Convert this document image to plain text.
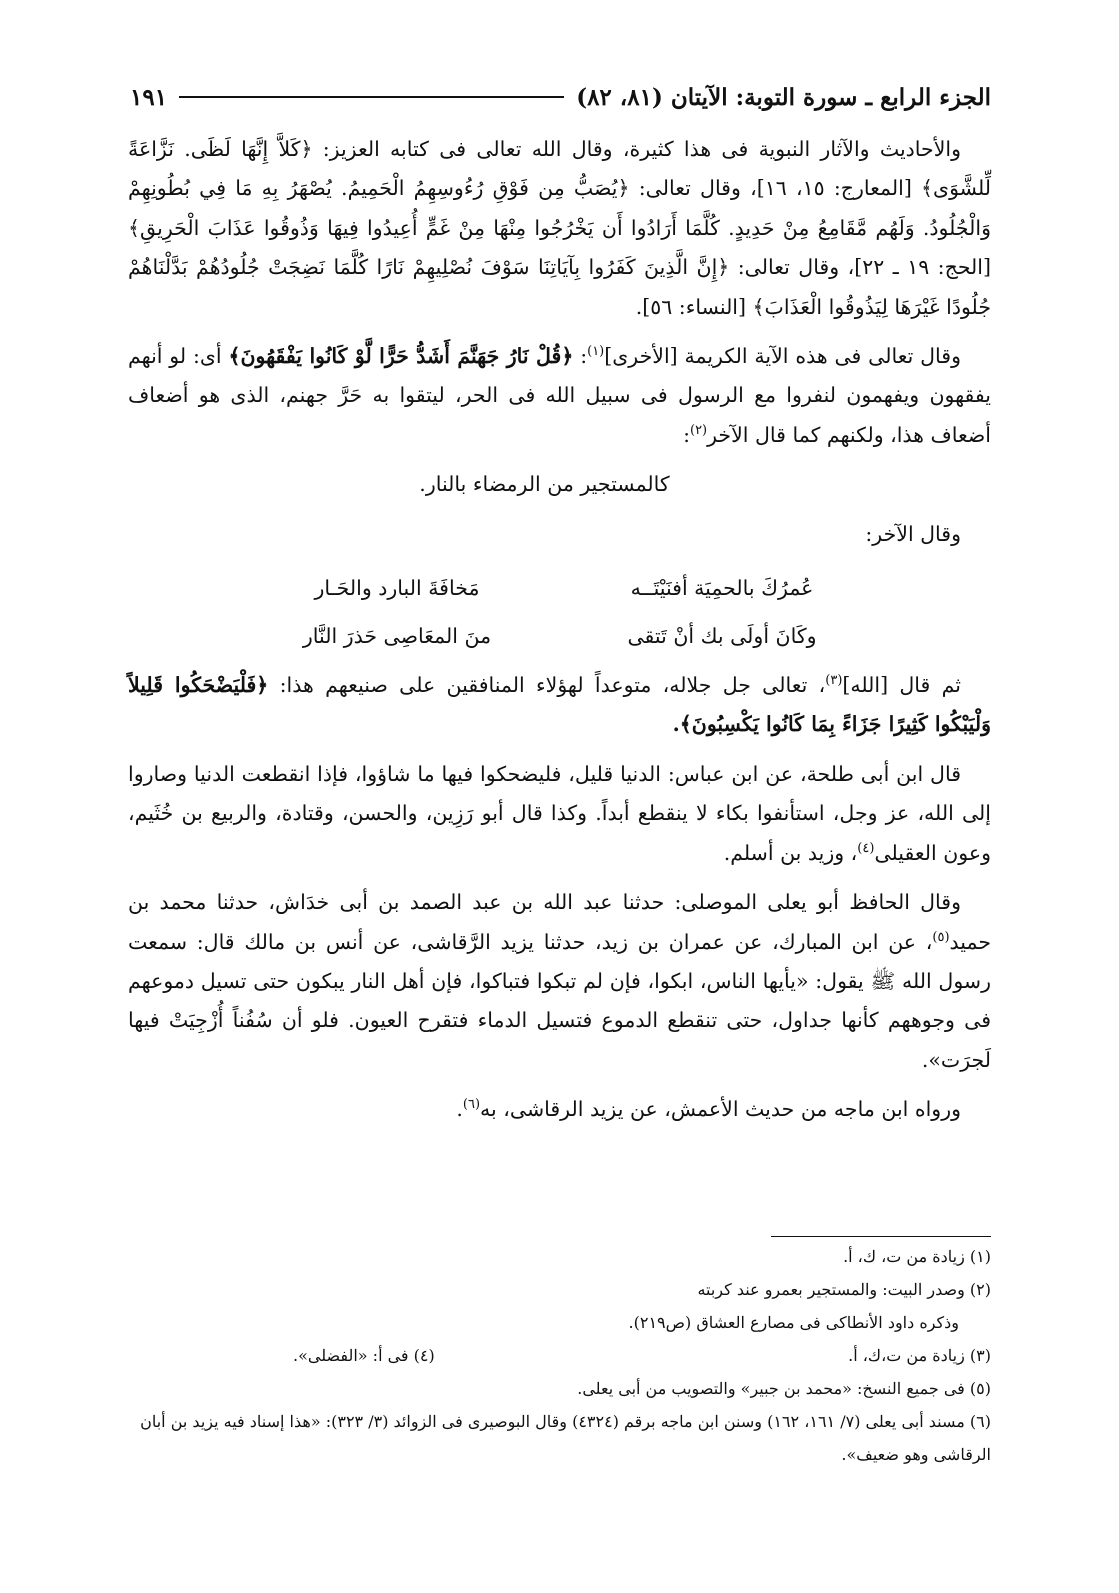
الجزء الرابع ـ سورة التوبة: الآيتان (٨١، ٨٢)
١٩١

والأحاديث والآثار النبوية فى هذا كثيرة، وقال الله تعالى فى كتابه العزيز: ﴿كَلاَّ إِنَّهَا لَظَى. نَزَّاعَةً لِّلشَّوَى﴾ [المعارج: ١٥، ١٦]، وقال تعالى: ﴿يُصَبُّ مِن فَوْقِ رُءُوسِهِمُ الْحَمِيمُ. يُصْهَرُ بِهِ مَا فِي بُطُونِهِمْ وَالْجُلُودُ. وَلَهُم مَّقَامِعُ مِنْ حَدِيدٍ. كُلَّمَا أَرَادُوا أَن يَخْرُجُوا مِنْهَا مِنْ غَمٍّ أُعِيدُوا فِيهَا وَذُوقُوا عَذَابَ الْحَرِيقِ﴾ [الحج: ١٩ ـ ٢٢]، وقال تعالى: ﴿إِنَّ الَّذِينَ كَفَرُوا بِآيَاتِنَا سَوْفَ نُصْلِيهِمْ نَارًا كُلَّمَا نَضِجَتْ جُلُودُهُمْ بَدَّلْنَاهُمْ جُلُودًا غَيْرَهَا لِيَذُوقُوا الْعَذَابَ﴾ [النساء: ٥٦].

وقال تعالى فى هذه الآية الكريمة [الأخرى]$^{(١)}$: ﴿قُلْ نَارُ جَهَنَّمَ أَشَدُّ حَرًّا لَّوْ كَانُوا يَفْقَهُونَ﴾ أى: لو أنهم يفقهون ويفهمون لنفروا مع الرسول فى سبيل الله فى الحر، ليتقوا به حَرَّ جهنم، الذى هو أضعاف أضعاف هذا، ولكنهم كما قال الآخر$^{(٢)}$:

كالمستجير من الرمضاء بالنار.

وقال الآخر:

عُمرُكَ بالحمِيَة أفنَيْتَــه
مَخافَةَ البارد والحَـار
وكَانَ أولَى بك أنْ تَتقى
منَ المعَاصِى حَذرَ النَّار

ثم قال [الله]$^{(٣)}$، تعالى جل جلاله، متوعداً لهؤلاء المنافقين على صنيعهم هذا: ﴿فَلْيَضْحَكُوا قَلِيلاً وَلْيَبْكُوا كَثِيرًا جَزَاءً بِمَا كَانُوا يَكْسِبُونَ﴾.

قال ابن أبى طلحة، عن ابن عباس: الدنيا قليل، فليضحكوا فيها ما شاؤوا، فإذا انقطعت الدنيا وصاروا إلى الله، عز وجل، استأنفوا بكاء لا ينقطع أبداً. وكذا قال أبو رَزِين، والحسن، وقتادة، والربيع بن خُثَيم، وعون العقيلى$^{(٤)}$، وزيد بن أسلم.

وقال الحافظ أبو يعلى الموصلى: حدثنا عبد الله بن عبد الصمد بن أبى خدَاش، حدثنا محمد بن حميد$^{(٥)}$، عن ابن المبارك، عن عمران بن زيد، حدثنا يزيد الرَّقاشى، عن أنس بن مالك قال: سمعت رسول الله ﷺ يقول: «يأيها الناس، ابكوا، فإن لم تبكوا فتباكوا، فإن أهل النار يبكون حتى تسيل دموعهم فى وجوههم كأنها جداول، حتى تنقطع الدموع فتسيل الدماء فتقرح العيون. فلو أن سُفُناً أُزْجِيَتْ فيها لَجرَت».

ورواه ابن ماجه من حديث الأعمش، عن يزيد الرقاشى، به$^{(٦)}$.

(١) زيادة من ت، ك، أ.

(٢) وصدر البيت: والمستجير بعمرو عند كربته

وذكره داود الأنطاكى فى مصارع العشاق (ص٢١٩).

(٣) زيادة من ت،ك، أ.
(٤) فى أ: «الفضلى».

(٥) فى جميع النسخ: «محمد بن جبير» والتصويب من أبى يعلى.

(٦) مسند أبى يعلى (٧/ ١٦١، ١٦٢) وسنن ابن ماجه برقم (٤٣٢٤) وقال البوصيرى فى الزوائد (٣/ ٣٢٣): «هذا إسناد فيه يزيد بن أبان الرقاشى وهو ضعيف».
